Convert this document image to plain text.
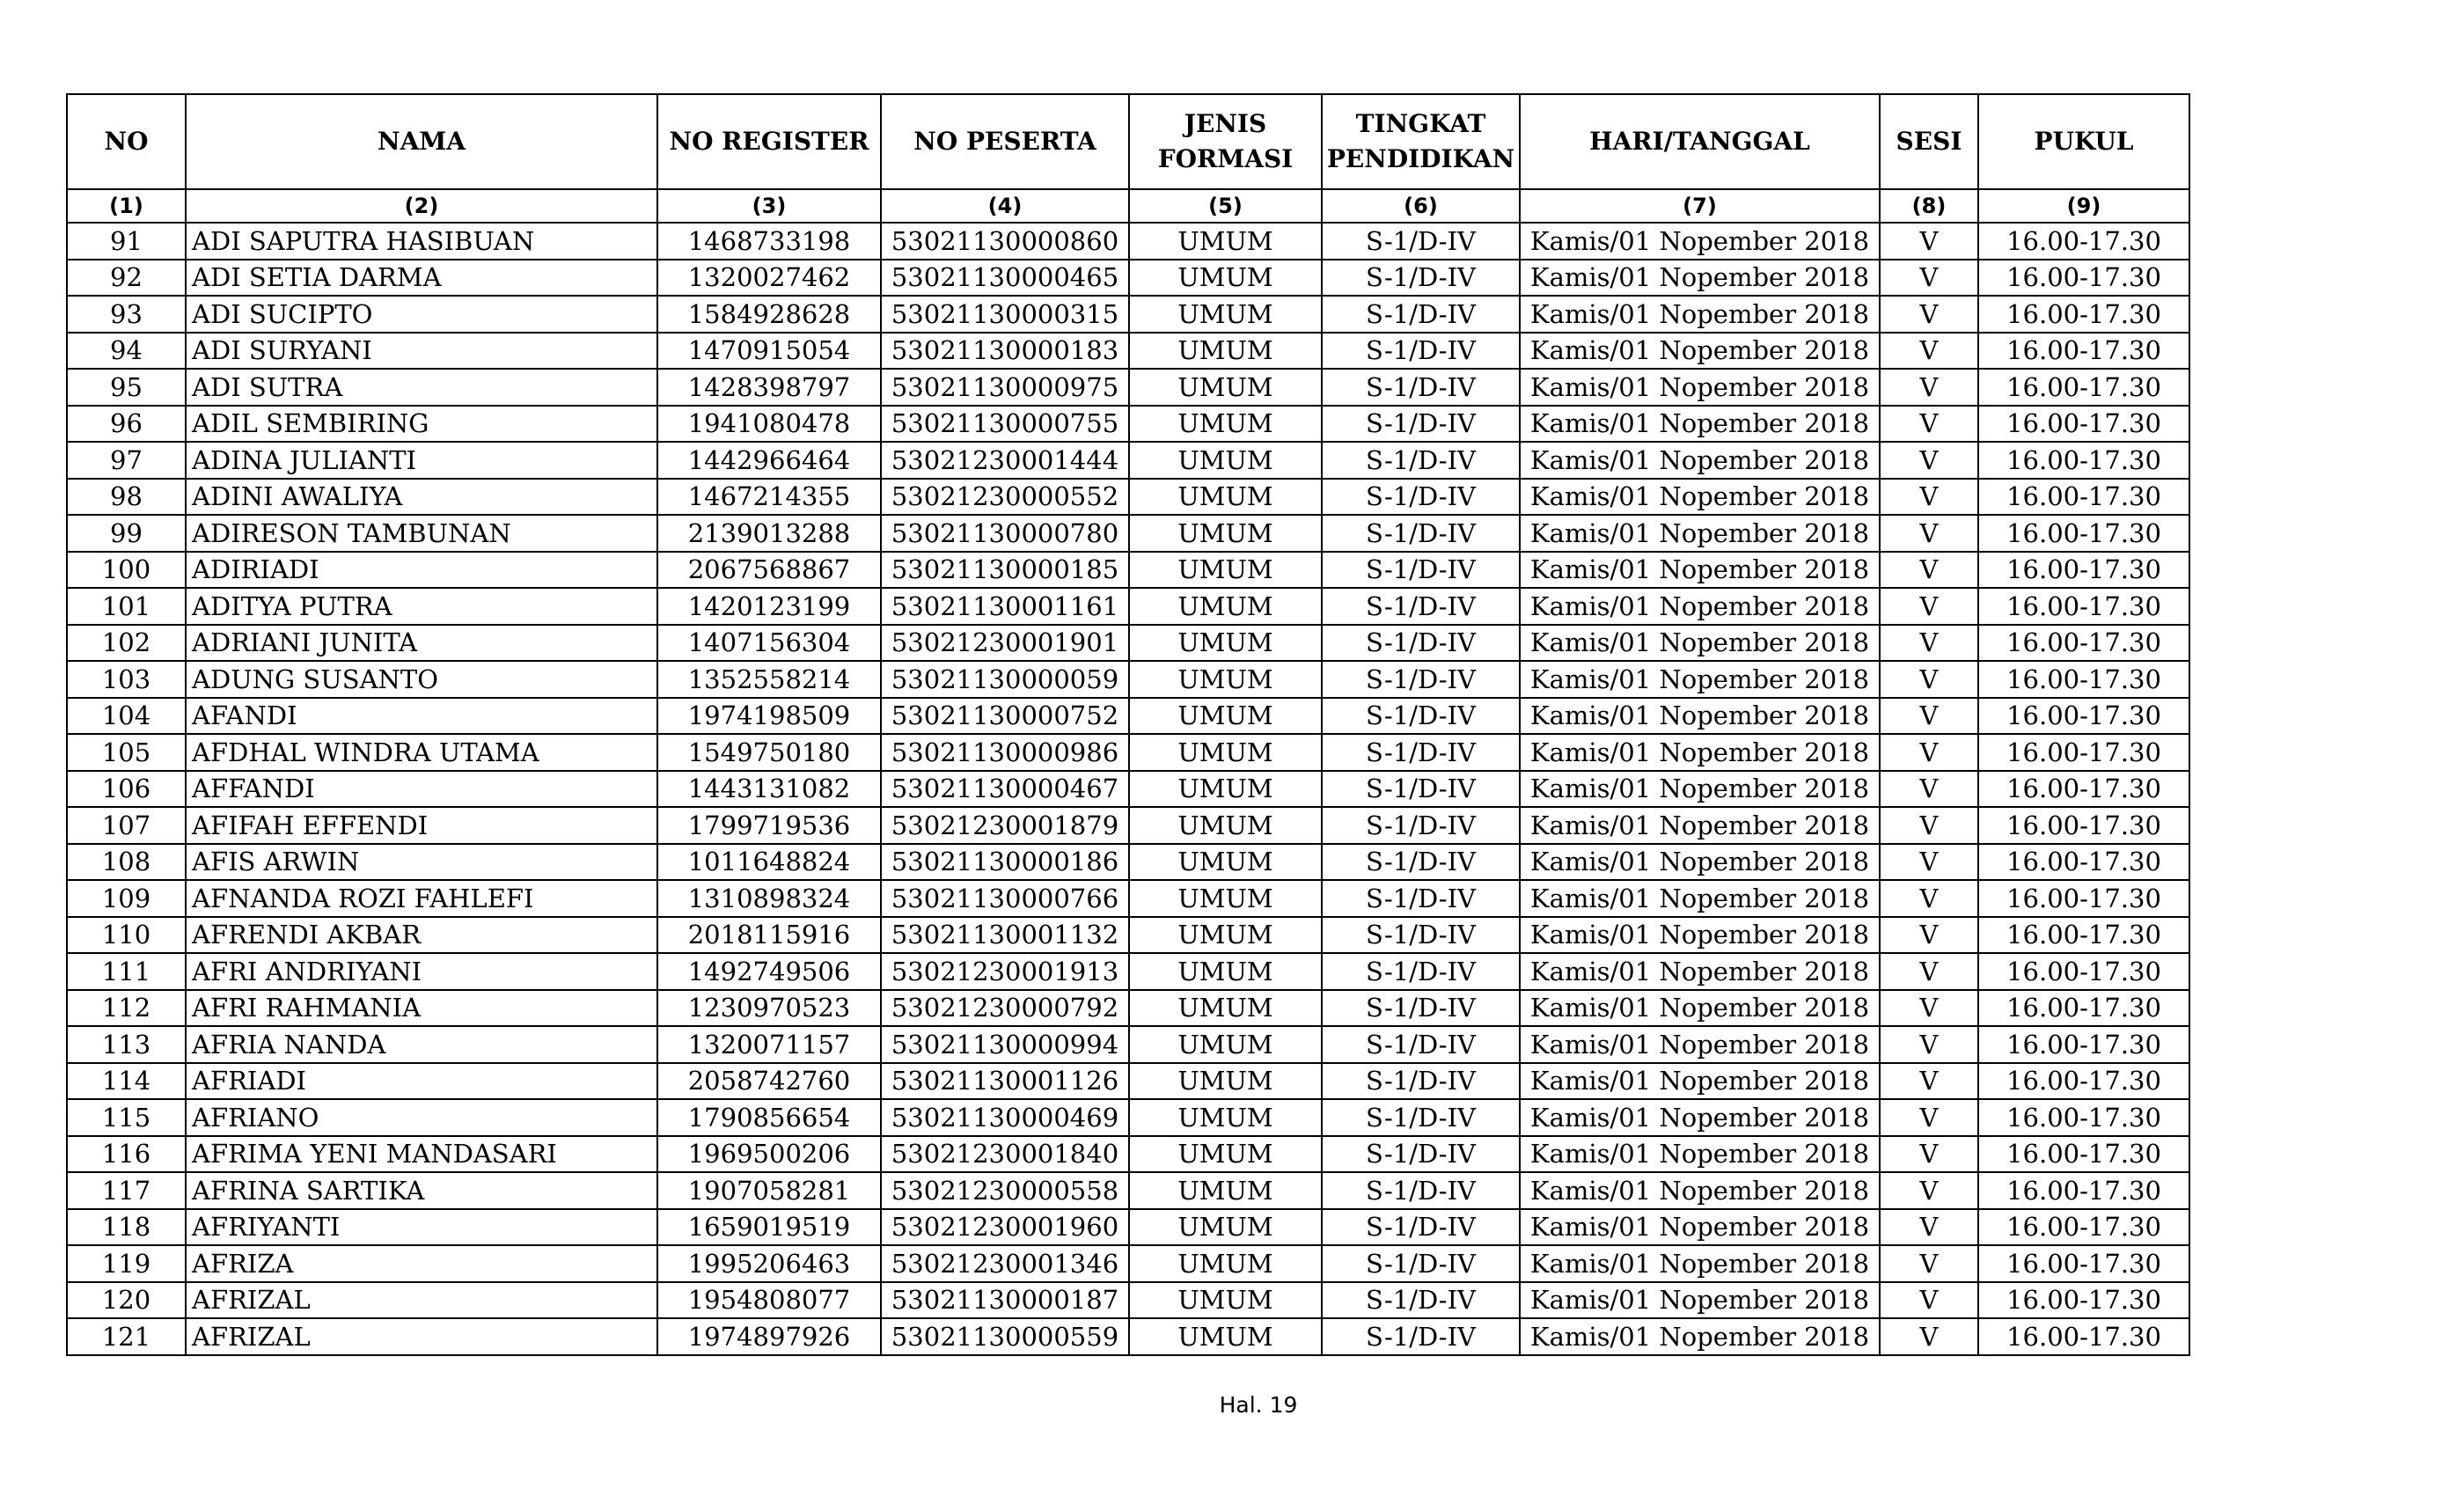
NO	NAMA	NO REGISTER	NO PESERTA	JENIS FORMASI	TINGKAT PENDIDIKAN	HARI/TANGGAL	SESI	PUKUL
(1)	(2)	(3)	(4)	(5)	(6)	(7)	(8)	(9)
91	ADI SAPUTRA HASIBUAN	1468733198	53021130000860	UMUM	S-1/D-IV	Kamis/01 Nopember 2018	V	16.00-17.30
92	ADI SETIA DARMA	1320027462	53021130000465	UMUM	S-1/D-IV	Kamis/01 Nopember 2018	V	16.00-17.30
93	ADI SUCIPTO	1584928628	53021130000315	UMUM	S-1/D-IV	Kamis/01 Nopember 2018	V	16.00-17.30
94	ADI SURYANI	1470915054	53021130000183	UMUM	S-1/D-IV	Kamis/01 Nopember 2018	V	16.00-17.30
95	ADI SUTRA	1428398797	53021130000975	UMUM	S-1/D-IV	Kamis/01 Nopember 2018	V	16.00-17.30
96	ADIL SEMBIRING	1941080478	53021130000755	UMUM	S-1/D-IV	Kamis/01 Nopember 2018	V	16.00-17.30
97	ADINA JULIANTI	1442966464	53021230001444	UMUM	S-1/D-IV	Kamis/01 Nopember 2018	V	16.00-17.30
98	ADINI AWALIYA	1467214355	53021230000552	UMUM	S-1/D-IV	Kamis/01 Nopember 2018	V	16.00-17.30
99	ADIRESON TAMBUNAN	2139013288	53021130000780	UMUM	S-1/D-IV	Kamis/01 Nopember 2018	V	16.00-17.30
100	ADIRIADI	2067568867	53021130000185	UMUM	S-1/D-IV	Kamis/01 Nopember 2018	V	16.00-17.30
101	ADITYA PUTRA	1420123199	53021130001161	UMUM	S-1/D-IV	Kamis/01 Nopember 2018	V	16.00-17.30
102	ADRIANI JUNITA	1407156304	53021230001901	UMUM	S-1/D-IV	Kamis/01 Nopember 2018	V	16.00-17.30
103	ADUNG SUSANTO	1352558214	53021130000059	UMUM	S-1/D-IV	Kamis/01 Nopember 2018	V	16.00-17.30
104	AFANDI	1974198509	53021130000752	UMUM	S-1/D-IV	Kamis/01 Nopember 2018	V	16.00-17.30
105	AFDHAL WINDRA UTAMA	1549750180	53021130000986	UMUM	S-1/D-IV	Kamis/01 Nopember 2018	V	16.00-17.30
106	AFFANDI	1443131082	53021130000467	UMUM	S-1/D-IV	Kamis/01 Nopember 2018	V	16.00-17.30
107	AFIFAH EFFENDI	1799719536	53021230001879	UMUM	S-1/D-IV	Kamis/01 Nopember 2018	V	16.00-17.30
108	AFIS ARWIN	1011648824	53021130000186	UMUM	S-1/D-IV	Kamis/01 Nopember 2018	V	16.00-17.30
109	AFNANDA ROZI FAHLEFI	1310898324	53021130000766	UMUM	S-1/D-IV	Kamis/01 Nopember 2018	V	16.00-17.30
110	AFRENDI AKBAR	2018115916	53021130001132	UMUM	S-1/D-IV	Kamis/01 Nopember 2018	V	16.00-17.30
111	AFRI ANDRIYANI	1492749506	53021230001913	UMUM	S-1/D-IV	Kamis/01 Nopember 2018	V	16.00-17.30
112	AFRI RAHMANIA	1230970523	53021230000792	UMUM	S-1/D-IV	Kamis/01 Nopember 2018	V	16.00-17.30
113	AFRIA NANDA	1320071157	53021130000994	UMUM	S-1/D-IV	Kamis/01 Nopember 2018	V	16.00-17.30
114	AFRIADI	2058742760	53021130001126	UMUM	S-1/D-IV	Kamis/01 Nopember 2018	V	16.00-17.30
115	AFRIANO	1790856654	53021130000469	UMUM	S-1/D-IV	Kamis/01 Nopember 2018	V	16.00-17.30
116	AFRIMA YENI MANDASARI	1969500206	53021230001840	UMUM	S-1/D-IV	Kamis/01 Nopember 2018	V	16.00-17.30
117	AFRINA SARTIKA	1907058281	53021230000558	UMUM	S-1/D-IV	Kamis/01 Nopember 2018	V	16.00-17.30
118	AFRIYANTI	1659019519	53021230001960	UMUM	S-1/D-IV	Kamis/01 Nopember 2018	V	16.00-17.30
119	AFRIZA	1995206463	53021230001346	UMUM	S-1/D-IV	Kamis/01 Nopember 2018	V	16.00-17.30
120	AFRIZAL	1954808077	53021130000187	UMUM	S-1/D-IV	Kamis/01 Nopember 2018	V	16.00-17.30
121	AFRIZAL	1974897926	53021130000559	UMUM	S-1/D-IV	Kamis/01 Nopember 2018	V	16.00-17.30
Hal. 19
